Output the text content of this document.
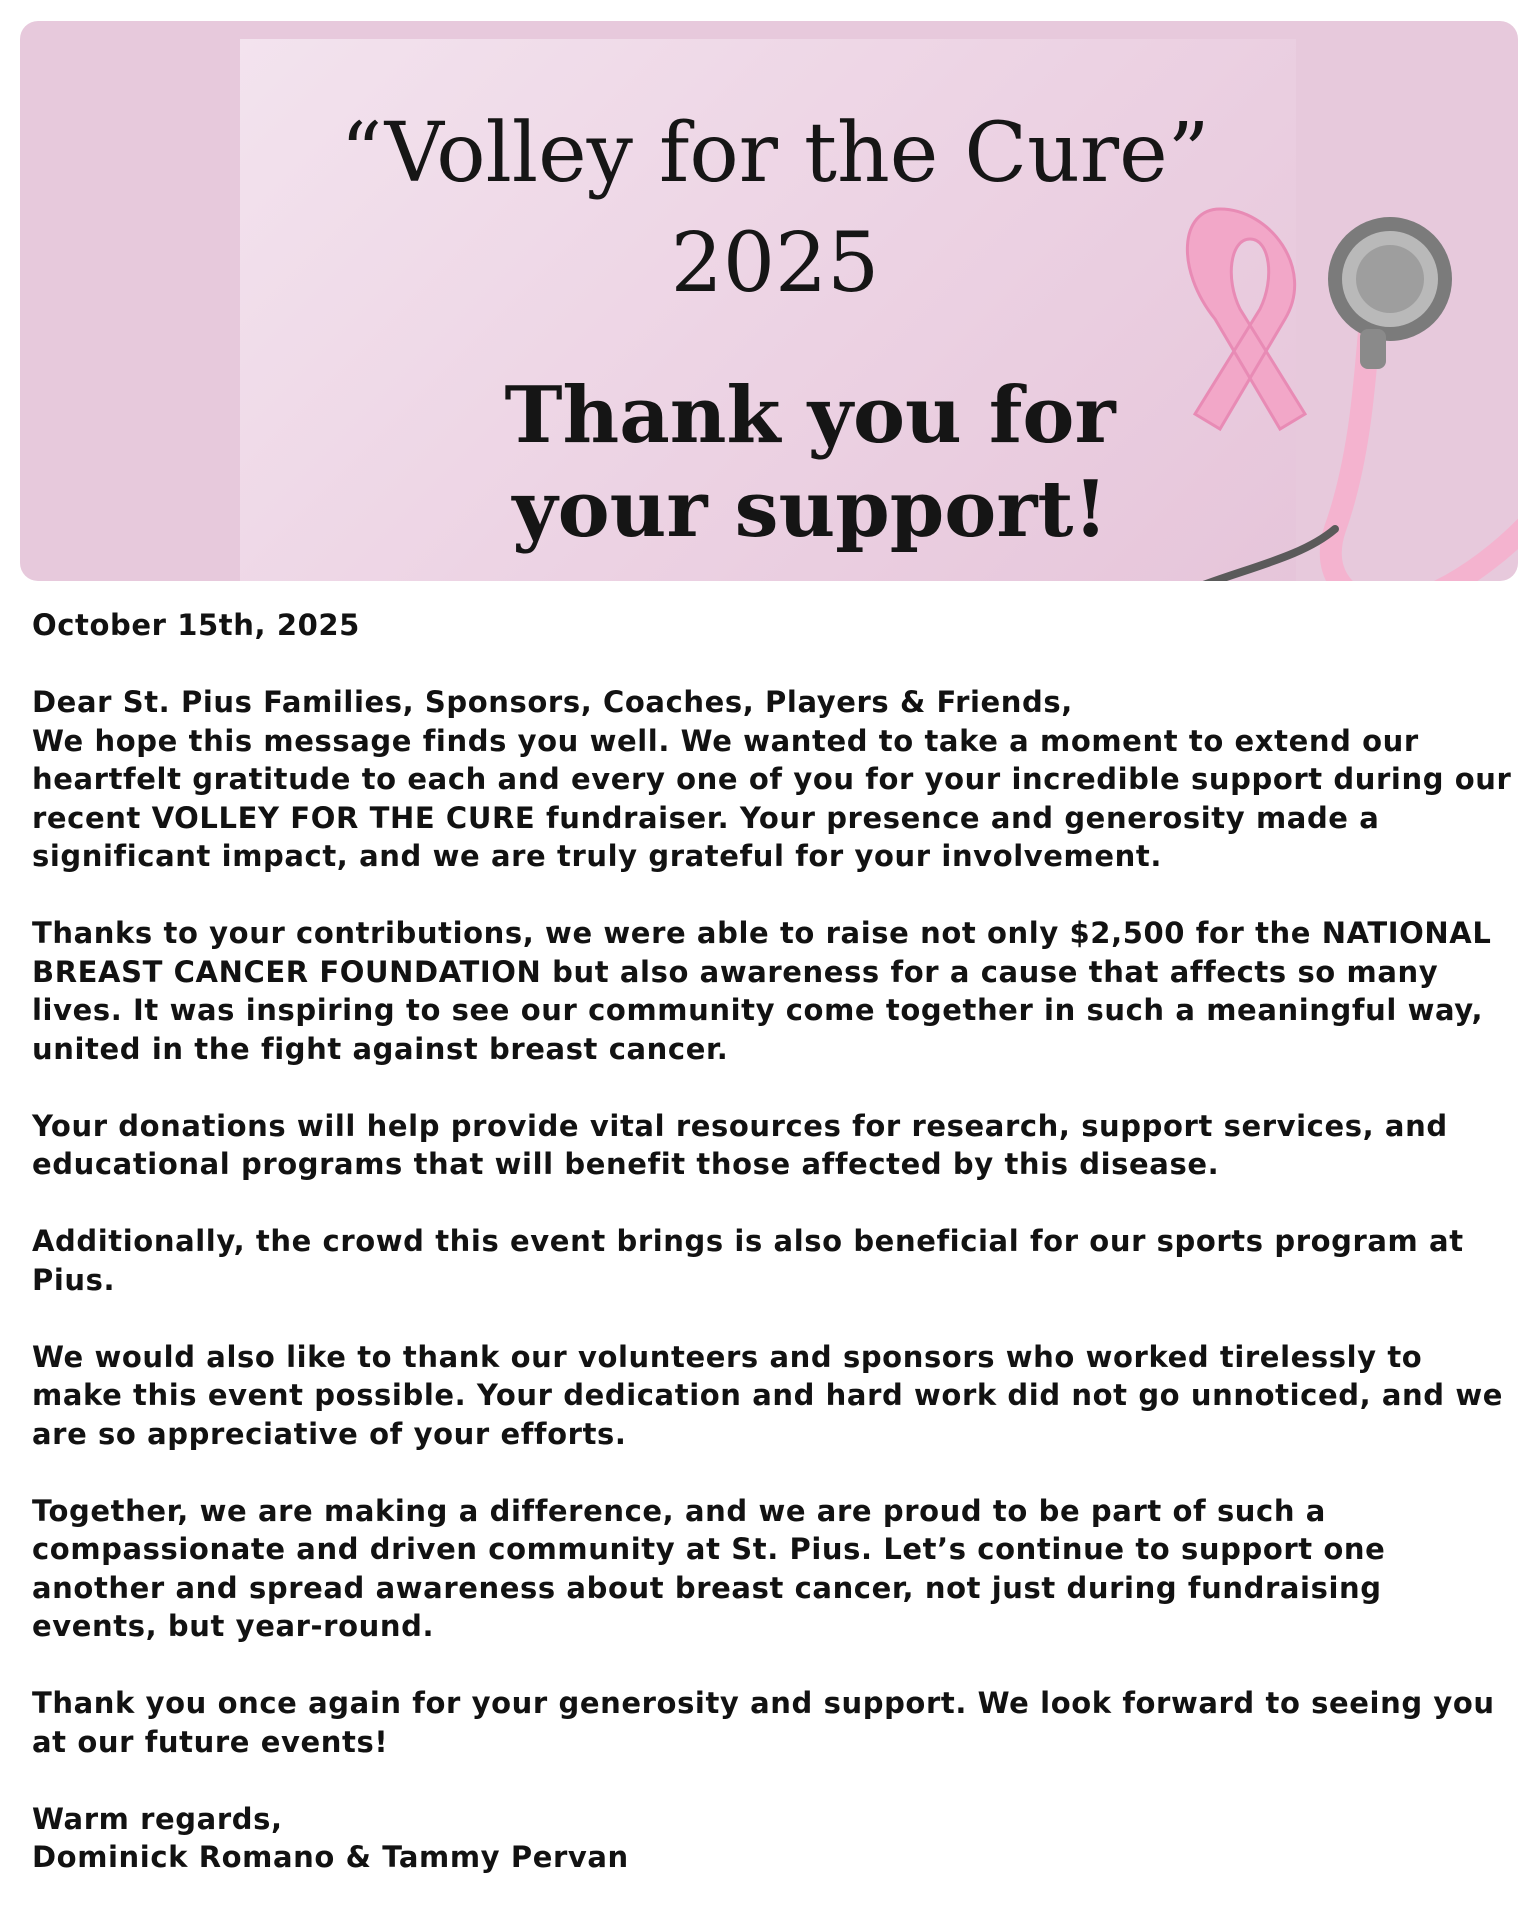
“Volley for the Cure”
2025
Thank you for
your support!

October 15th, 2025

Dear St. Pius Families, Sponsors, Coaches, Players & Friends,
We hope this message finds you well. We wanted to take a moment to extend our heartfelt gratitude to each and every one of you for your incredible support during our recent VOLLEY FOR THE CURE fundraiser. Your presence and generosity made a significant impact, and we are truly grateful for your involvement.

Thanks to your contributions, we were able to raise not only $2,500 for the NATIONAL BREAST CANCER FOUNDATION but also awareness for a cause that affects so many lives. It was inspiring to see our community come together in such a meaningful way, united in the fight against breast cancer.

Your donations will help provide vital resources for research, support services, and educational programs that will benefit those affected by this disease.

Additionally, the crowd this event brings is also beneficial for our sports program at Pius.

We would also like to thank our volunteers and sponsors who worked tirelessly to make this event possible. Your dedication and hard work did not go unnoticed, and we are so appreciative of your efforts.

Together, we are making a difference, and we are proud to be part of such a compassionate and driven community at St. Pius. Let’s continue to support one another and spread awareness about breast cancer, not just during fundraising events, but year-round.

Thank you once again for your generosity and support. We look forward to seeing you at our future events!

Warm regards,
Dominick Romano & Tammy Pervan
